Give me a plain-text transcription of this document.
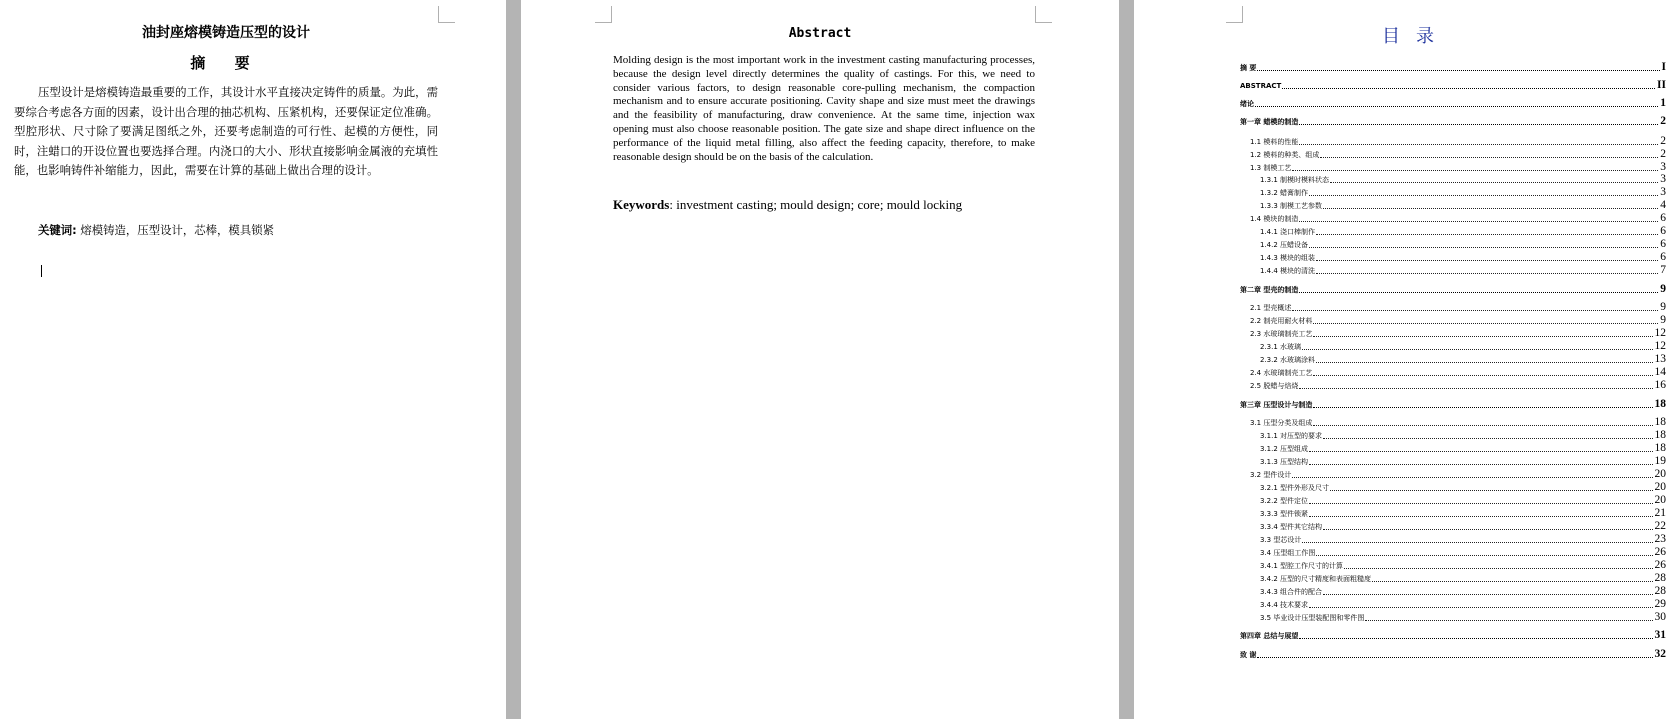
油封座熔模铸造压型的设计
摘 要

压型设计是熔模铸造最重要的工作，其设计水平直接决定铸件的质量。为此，需要综合考虑各方面的因素，设计出合理的抽芯机构、压紧机构，还要保证定位准确。型腔形状、尺寸除了要满足图纸之外，还要考虑制造的可行性、起模的方便性，同时，注蜡口的开设位置也要选择合理。内浇口的大小、形状直接影响金属液的充填性能，也影响铸件补缩能力，因此，需要在计算的基础上做出合理的设计。

关键词: 熔模铸造，压型设计，芯棒，模具锁紧
Abstract

Molding design is the most important work in the investment casting manufacturing processes, because the design level directly determines the quality of castings. For this, we need to consider various factors, to design reasonable core-pulling mechanism, the compaction mechanism and to ensure accurate positioning. Cavity shape and size must meet the drawings and the feasibility of manufacturing, draw convenience. At the same time, injection wax opening must also choose reasonable position. The gate size and shape direct influence on the performance of the liquid metal filling, also affect the feeding capacity, therefore, to make reasonable design should be on the basis of the calculation.

Keywords: investment casting; mould design; core; mould locking
目录
摘 要	I
ABSTRACT	II
绪论	1
第一章 蜡模的制造	2
1.1 模料的性能	2
1.2 模料的种类、组成	2
1.3 制模工艺	3
1.3.1 制模时模料状态	3
1.3.2 蜡膏制作	3
1.3.3 制模工艺参数	4
1.4 模块的制造	6
1.4.1 浇口棒制作	6
1.4.2 压蜡设备	6
1.4.3 模块的组装	6
1.4.4 模块的清洗	7
第二章 型壳的制造	9
2.1 型壳概述	9
2.2 制壳用耐火材料	9
2.3 水玻璃制壳工艺	12
2.3.1 水玻璃	12
2.3.2 水玻璃涂料	13
2.4 水玻璃制壳工艺	14
2.5 脱蜡与焙烧	16
第三章 压型设计与制造	18
3.1 压型分类及组成	18
3.1.1 对压型的要求	18
3.1.2 压型组成	18
3.1.3 压型结构	19
3.2 型件设计	20
3.2.1 型件外形及尺寸	20
3.2.2 型件定位	20
3.3.3 型件锁紧	21
3.3.4 型件其它结构	22
3.3 型芯设计	23
3.4 压型组工作图	26
3.4.1 型腔工作尺寸的计算	26
3.4.2 压型的尺寸精度和表面粗糙度	28
3.4.3 组合件的配合	28
3.4.4 技术要求	29
3.5 毕业设计压型装配图和零件图	30
第四章 总结与展望	31
致 谢	32
